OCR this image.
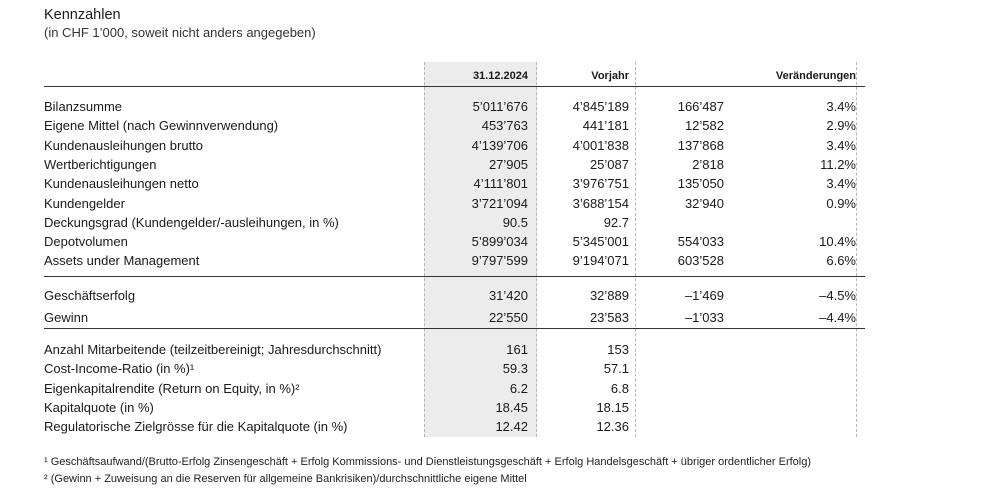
Kennzahlen
(in CHF 1’000, soweit nicht anders angegeben)
31.12.2024	Vorjahr	Veränderungen
Bilanzsumme	5’011’676	4’845’189	166’487	3.4%
Eigene Mittel (nach Gewinnverwendung)	453’763	441’181	12’582	2.9%
Kundenausleihungen brutto	4’139’706	4’001’838	137’868	3.4%
Wertberichtigungen	27’905	25’087	2’818	11.2%
Kundenausleihungen netto	4’111’801	3’976’751	135’050	3.4%
Kundengelder	3’721’094	3’688’154	32’940	0.9%
Deckungsgrad (Kundengelder/-ausleihungen, in %)	90.5	92.7
Depotvolumen	5’899’034	5’345’001	554’033	10.4%
Assets under Management	9’797’599	9’194’071	603’528	6.6%
Geschäftserfolg	31’420	32’889	–1’469	–4.5%
Gewinn	22’550	23’583	–1’033	–4.4%
Anzahl Mitarbeitende (teilzeitbereinigt; Jahresdurchschnitt)	161	153
Cost-Income-Ratio (in %)¹	59.3	57.1
Eigenkapitalrendite (Return on Equity, in %)²	6.2	6.8
Kapitalquote (in %)	18.45	18.15
Regulatorische Zielgrösse für die Kapitalquote (in %)	12.42	12.36
¹ Geschäftsaufwand/(Brutto-Erfolg Zinsengeschäft + Erfolg Kommissions- und Dienstleistungsgeschäft + Erfolg Handelsgeschäft + übriger ordentlicher Erfolg)
² (Gewinn + Zuweisung an die Reserven für allgemeine Bankrisiken)/durchschnittliche eigene Mittel
